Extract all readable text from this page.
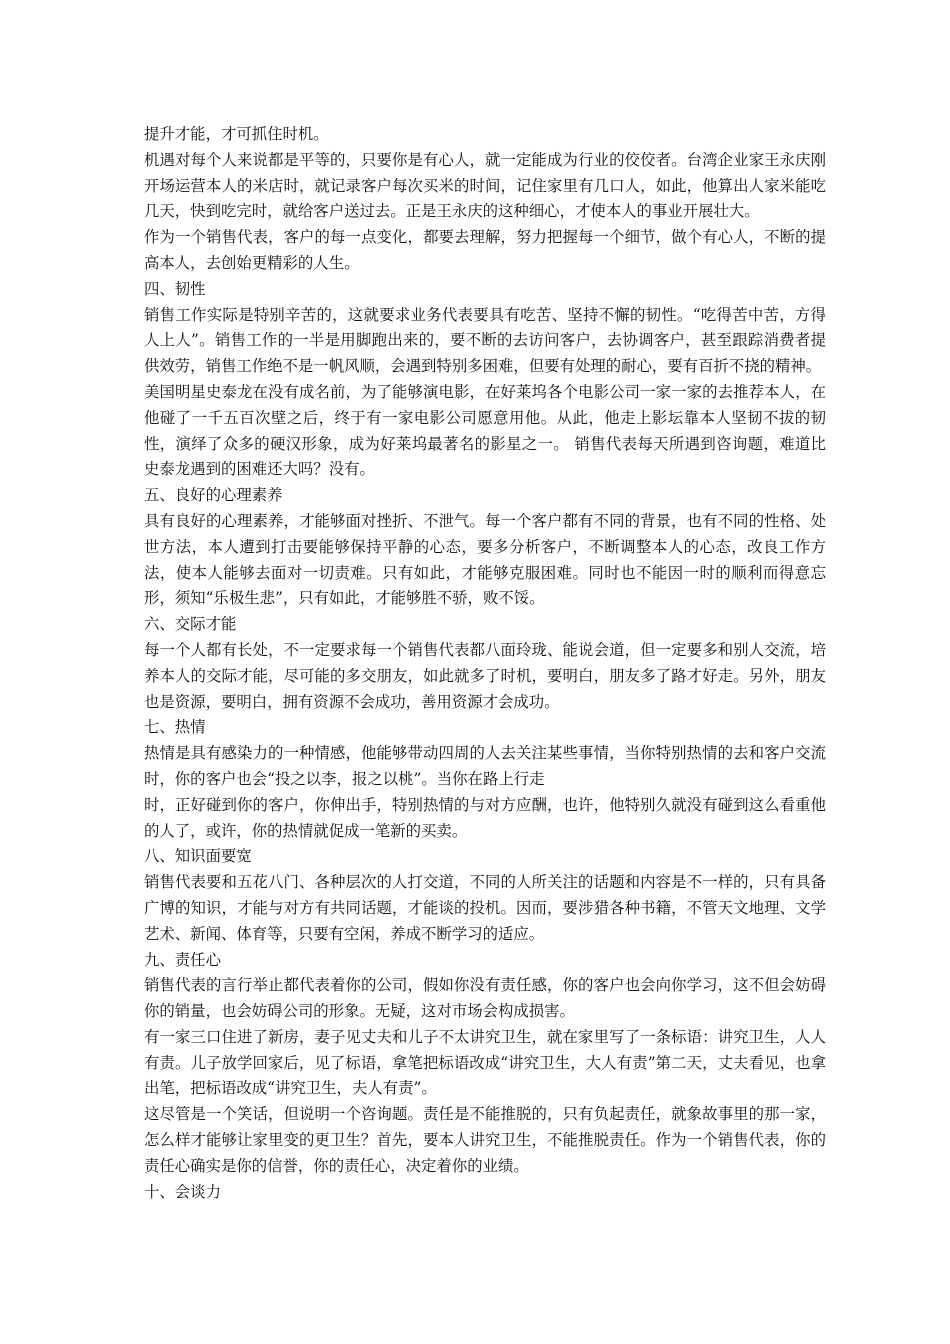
提升才能，才可抓住时机。

机遇对每个人来说都是平等的，只要你是有心人，就一定能成为行业的佼佼者。台湾企业家王永庆刚开场运营本人的米店时，就记录客户每次买米的时间，记住家里有几口人，如此，他算出人家米能吃几天，快到吃完时，就给客户送过去。正是王永庆的这种细心，才使本人的事业开展壮大。

作为一个销售代表，客户的每一点变化，都要去理解，努力把握每一个细节，做个有心人，不断的提高本人，去创始更精彩的人生。

四、韧性

销售工作实际是特别辛苦的，这就要求业务代表要具有吃苦、坚持不懈的韧性。“吃得苦中苦，方得人上人”。销售工作的一半是用脚跑出来的，要不断的去访问客户，去协调客户，甚至跟踪消费者提供效劳，销售工作绝不是一帆风顺，会遇到特别多困难，但要有处理的耐心，要有百折不挠的精神。

美国明星史泰龙在没有成名前，为了能够演电影，在好莱坞各个电影公司一家一家的去推荐本人，在他碰了一千五百次壁之后，终于有一家电影公司愿意用他。从此，他走上影坛靠本人坚韧不拔的韧性，演绎了众多的硬汉形象，成为好莱坞最著名的影星之一。 销售代表每天所遇到咨询题，难道比史泰龙遇到的困难还大吗？没有。

五、良好的心理素养

具有良好的心理素养，才能够面对挫折、不泄气。每一个客户都有不同的背景，也有不同的性格、处世方法，本人遭到打击要能够保持平静的心态，要多分析客户，不断调整本人的心态，改良工作方法，使本人能够去面对一切责难。只有如此，才能够克服困难。同时也不能因一时的顺利而得意忘形，须知“乐极生悲”，只有如此，才能够胜不骄，败不馁。

六、交际才能

每一个人都有长处，不一定要求每一个销售代表都八面玲珑、能说会道，但一定要多和别人交流，培养本人的交际才能，尽可能的多交朋友，如此就多了时机，要明白，朋友多了路才好走。另外，朋友也是资源，要明白，拥有资源不会成功，善用资源才会成功。

七、热情

热情是具有感染力的一种情感，他能够带动四周的人去关注某些事情，当你特别热情的去和客户交流时，你的客户也会“投之以李，报之以桃”。当你在路上行走

时，正好碰到你的客户，你伸出手，特别热情的与对方应酬，也许，他特别久就没有碰到这么看重他的人了，或许，你的热情就促成一笔新的买卖。

八、知识面要宽

销售代表要和五花八门、各种层次的人打交道，不同的人所关注的话题和内容是不一样的，只有具备广博的知识，才能与对方有共同话题，才能谈的投机。因而，要涉猎各种书籍，不管天文地理、文学艺术、新闻、体育等，只要有空闲，养成不断学习的适应。

九、责任心

销售代表的言行举止都代表着你的公司，假如你没有责任感，你的客户也会向你学习，这不但会妨碍你的销量，也会妨碍公司的形象。无疑，这对市场会构成损害。

有一家三口住进了新房，妻子见丈夫和儿子不太讲究卫生，就在家里写了一条标语：讲究卫生，人人有责。儿子放学回家后，见了标语，拿笔把标语改成“讲究卫生，大人有责”第二天，丈夫看见，也拿出笔，把标语改成“讲究卫生，夫人有责”。

这尽管是一个笑话，但说明一个咨询题。责任是不能推脱的，只有负起责任，就象故事里的那一家，怎么样才能够让家里变的更卫生？首先，要本人讲究卫生，不能推脱责任。作为一个销售代表，你的责任心确实是你的信誉，你的责任心，决定着你的业绩。

十、会谈力
